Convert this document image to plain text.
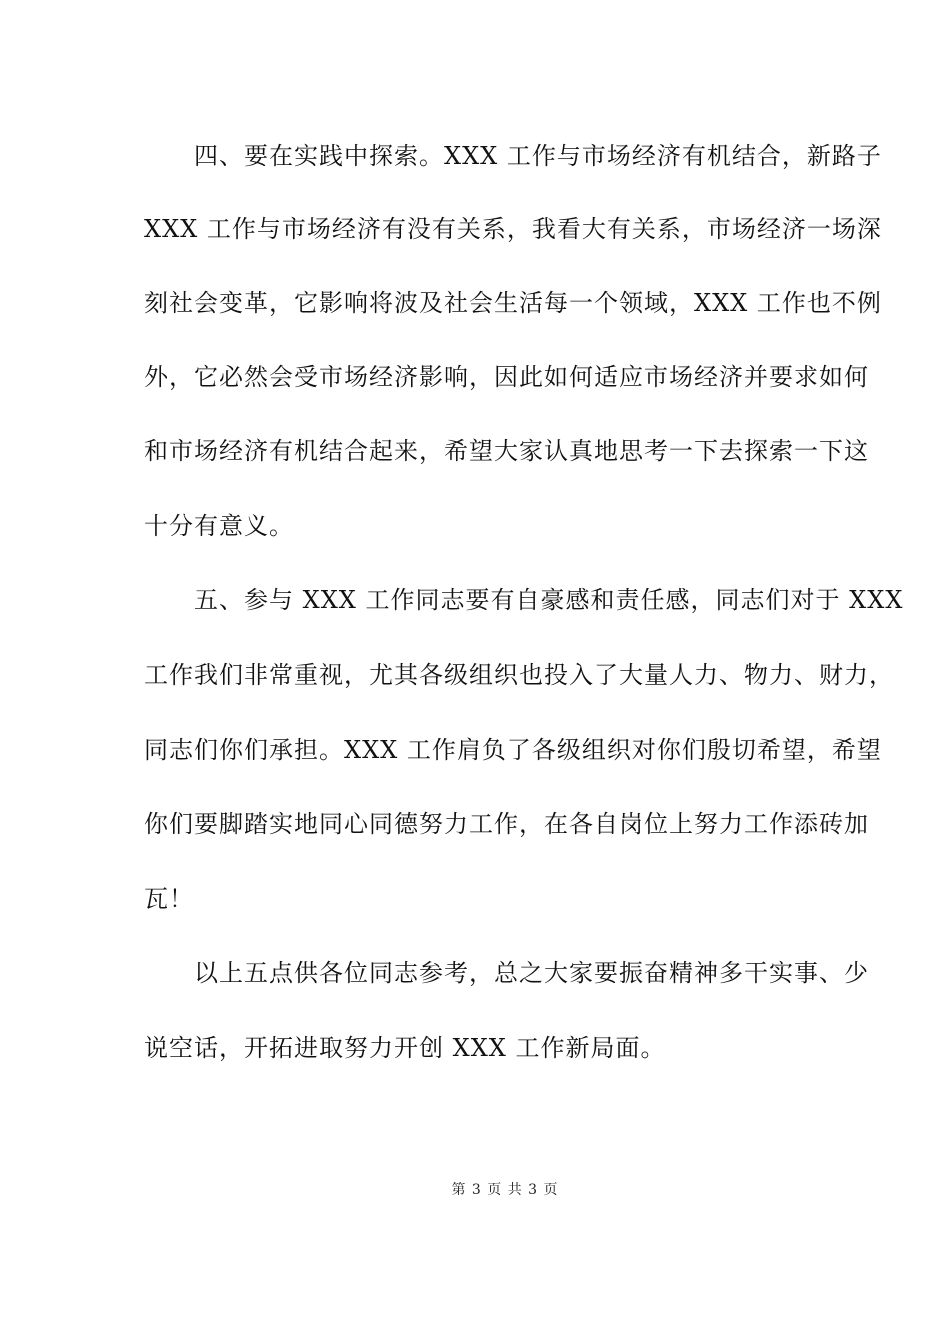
　　四、要在实践中探索。XXX 工作与市场经济有机结合，新路子
XXX 工作与市场经济有没有关系，我看大有关系，市场经济一场深
刻社会变革，它影响将波及社会生活每一个领域，XXX 工作也不例
外，它必然会受市场经济影响，因此如何适应市场经济并要求如何
和市场经济有机结合起来，希望大家认真地思考一下去探索一下这
十分有意义。
　　五、参与 XXX 工作同志要有自豪感和责任感，同志们对于 XXX
工作我们非常重视，尤其各级组织也投入了大量人力、物力、财力，
同志们你们承担。XXX 工作肩负了各级组织对你们殷切希望，希望
你们要脚踏实地同心同德努力工作，在各自岗位上努力工作添砖加
瓦！
　　以上五点供各位同志参考，总之大家要振奋精神多干实事、少
说空话，开拓进取努力开创 XXX 工作新局面。
第 3 页 共 3 页
